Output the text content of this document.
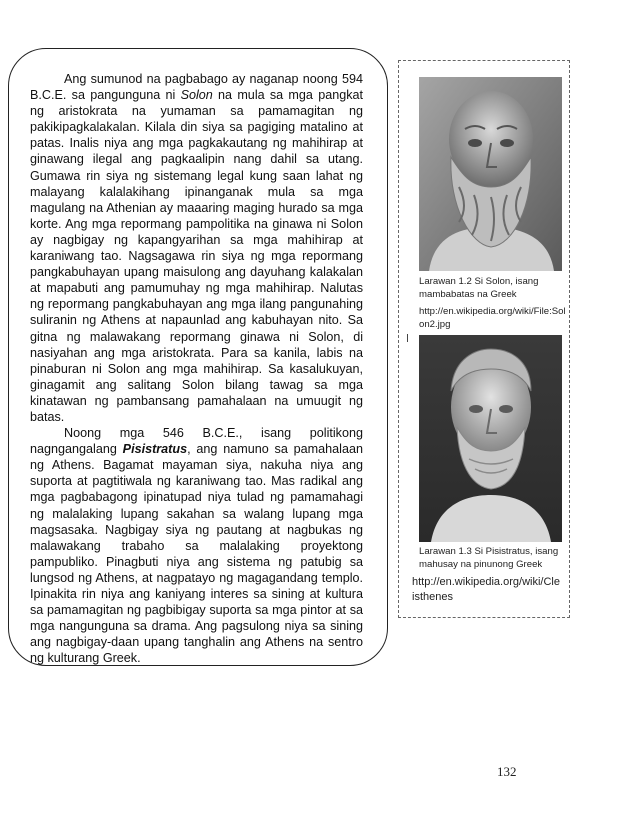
Ang sumunod na pagbabago ay naganap noong 594 B.C.E. sa pangunguna ni Solon na mula sa mga pangkat ng aristokrata na yumaman sa pamamagitan ng pakikipagkalakalan. Kilala din siya sa pagiging matalino at patas. Inalis niya ang mga pagkakautang ng mahihirap at ginawang ilegal ang pagkaalipin nang dahil sa utang. Gumawa rin siya ng sistemang legal kung saan lahat ng malayang kalalakihang ipinanganak mula sa mga magulang na Athenian ay maaaring maging hurado sa mga korte. Ang mga repormang pampolitika na ginawa ni Solon ay nagbigay ng kapangyarihan sa mga mahihirap at karaniwang tao. Nagsagawa rin siya ng mga repormang pangkabuhayan upang maisulong ang dayuhang kalakalan at mapabuti ang pamumuhay ng mga mahihirap. Nalutas ng repormang pangkabuhayan ang mga ilang pangunahing suliranin ng Athens at napaunlad ang kabuhayan nito. Sa gitna ng malawakang repormang ginawa ni Solon, di nasiyahan ang mga aristokrata. Para sa kanila, labis na pinaburan ni Solon ang mga mahihirap. Sa kasalukuyan, ginagamit ang salitang Solon bilang tawag sa mga kinatawan ng pambansang pamahalaan na umuugit ng batas.

Noong mga 546 B.C.E., isang politikong nagngangalang Pisistratus, ang namuno sa pamahalaan ng Athens. Bagamat mayaman siya, nakuha niya ang suporta at pagtitiwala ng karaniwang tao. Mas radikal ang mga pagbabagong ipinatupad niya tulad ng pamamahagi ng malalaking lupang sakahan sa walang lupang mga magsasaka. Nagbigay siya ng pautang at nagbukas ng malawakang trabaho sa malalaking proyektong pampubliko. Pinagbuti niya ang sistema ng patubig sa lungsod ng Athens, at nagpatayo ng magagandang templo. Ipinakita rin niya ang kaniyang interes sa sining at kultura sa pamamagitan ng pagbibigay suporta sa mga pintor at sa mga nangunguna sa drama. Ang pagsulong niya sa sining ang nagbigay-daan upang tanghalin ang Athens na sentro ng kulturang Greek.

Larawan 1.2 Si Solon, isang mambabatas na Greek
http://en.wikipedia.org/wiki/File:Solon2.jpg
Larawan 1.3 Si Pisistratus, isang mahusay na pinunong Greek
http://en.wikipedia.org/wiki/Cleisthenes
132
